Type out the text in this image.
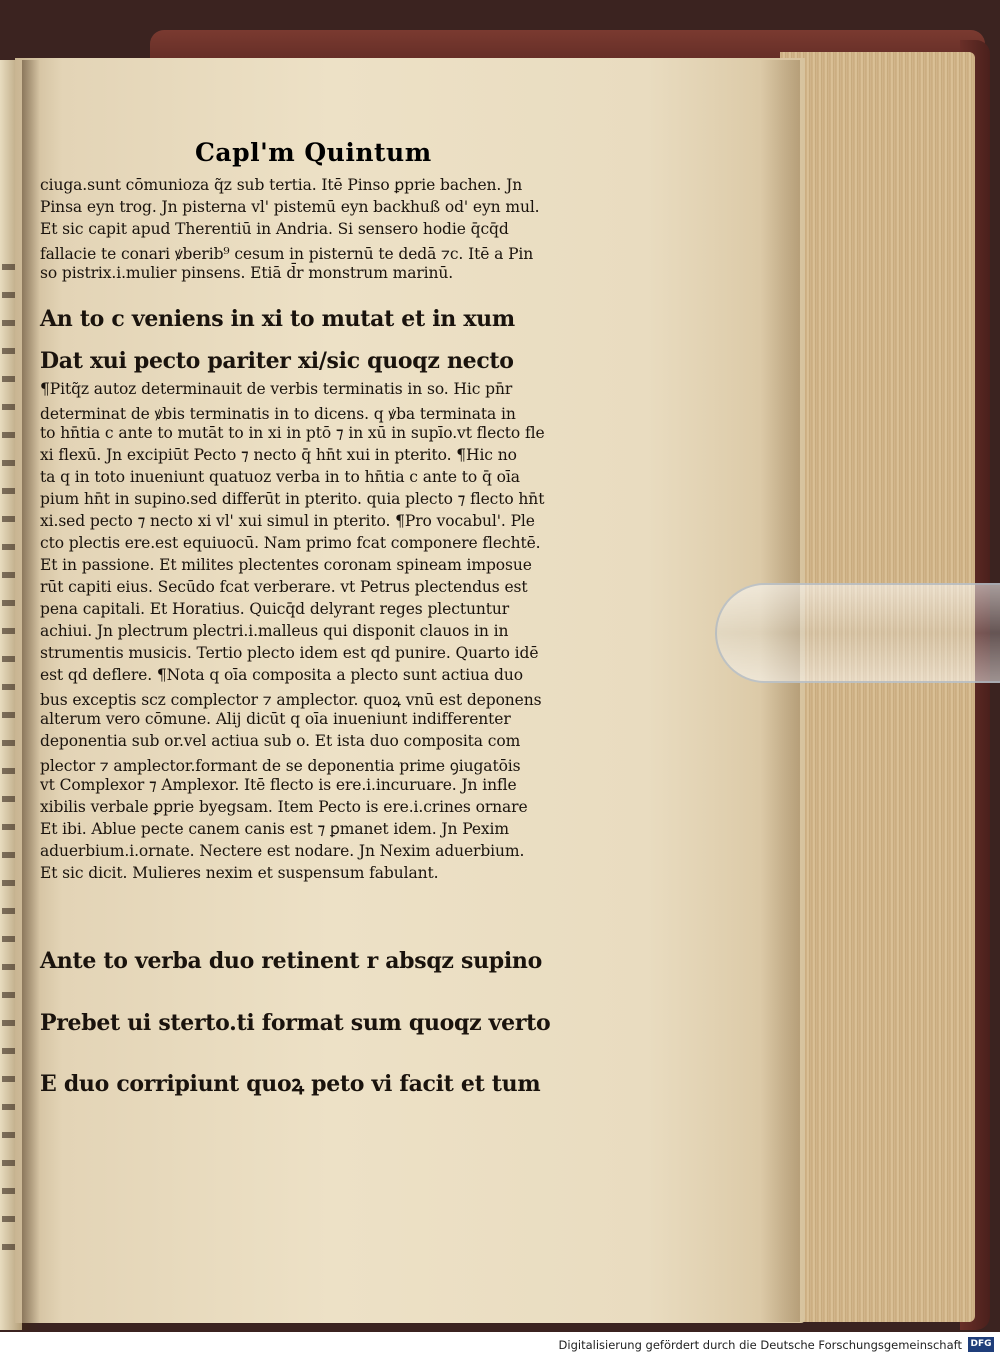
Capl'm Quintum
ciuga.sunt cōmunioza q̃z sub tertia. Itē Pinso ꝑprie bachen. Jn
Pinsa eyn trog. Jn pisterna vl' pistemū eyn backhuß od' eyn mul.
Et sic capit apud Therentiū in Andria. Si sensero hodie q̄cq̄d
fallacie te conari ꝟberib⁹ cesum in pisternū te dedā ⁊c. Itē a Pin
so pistrix.i.mulier pinsens. Etiā d̄r monstrum marinū.
An to c veniens in xi to mutat et in xum
Dat xui pecto pariter xi/sic quoqz necto
¶Pitq̃z autoz determinauit de verbis terminatis in so. Hic pn̄r
determinat de ꝟbis terminatis in to dicens. q ꝟba terminata in
to hn̄tia c ante to mutāt to in xi in ptō ⁊ in xū in supīo.vt flecto fle
xi flexū. Jn excipiūt Pecto ⁊ necto q̄ hn̄t xui in pterito. ¶Hic no
ta q in toto inueniunt quatuoz verba in to hn̄tia c ante to q̄ oīa
pium hn̄t in supino.sed differūt in pterito. quia plecto ⁊ flecto hn̄t
xi.sed pecto ⁊ necto xi vl' xui simul in pterito. ¶Pro vocabul'. Ple
cto plectis ere.est equiuocū. Nam primo fcat componere flechtē.
Et in passione. Et milites plectentes coronam spineam imposue
rūt capiti eius. Secūdo fcat verberare. vt Petrus plectendus est
pena capitali. Et Horatius. Quicq̄d delyrant reges plectuntur
achiui. Jn plectrum plectri.i.malleus qui disponit clauos in in
strumentis musicis. Tertio plecto idem est qd punire. Quarto idē
est qd deflere. ¶Nota q oīa composita a plecto sunt actiua duo
bus exceptis scz complector ⁊ amplector. quoꝝ vnū est deponens
alterum vero cōmune. Alij dicūt q oīa inueniunt indifferenter
deponentia sub or.vel actiua sub o. Et ista duo composita com
plector ⁊ amplector.formant de se deponentia prime ꝯiugatōis
vt Complexor ⁊ Amplexor. Itē flecto is ere.i.incuruare. Jn infle
xibilis verbale ꝑprie byegsam. Item Pecto is ere.i.crines ornare
Et ibi. Ablue pecte canem canis est ⁊ ꝑmanet idem. Jn Pexim
aduerbium.i.ornate. Nectere est nodare. Jn Nexim aduerbium.
Et sic dicit. Mulieres nexim et suspensum fabulant.
Ante to verba duo retinent r absqz supino
Prebet ui sterto.ti format sum quoqz verto
E duo corripiunt quoꝝ peto vi facit et tum
Digitalisierung gefördert durch die Deutsche Forschungsgemeinschaft DFG
